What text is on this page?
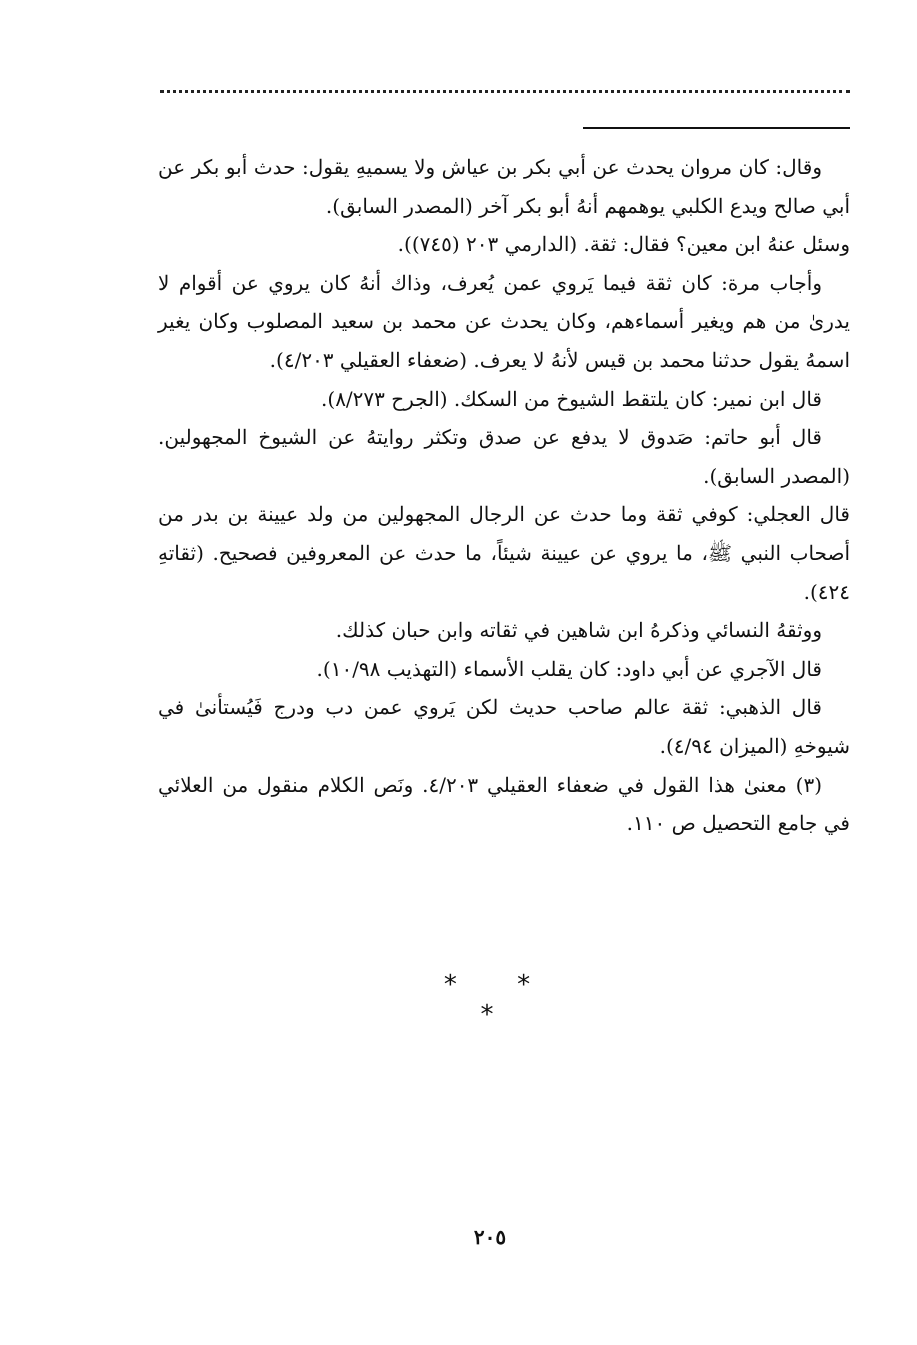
وقال: كان مروان يحدث عن أبي بكر بن عياش ولا يسميهِ يقول: حدث أبو بكر عن أبي صالح ويدع الكلبي يوهمهم أنهُ أبو بكر آخر (المصدر السابق).

وسئل عنهُ ابن معين؟ فقال: ثقة. (الدارمي ٢٠٣ (٧٤٥)).

وأجاب مرة: كان ثقة فيما يَروي عمن يُعرف، وذاك أنهُ كان يروي عن أقوام لا يدرىٰ من هم ويغير أسماءهم، وكان يحدث عن محمد بن سعيد المصلوب وكان يغير اسمهُ يقول حدثنا محمد بن قيس لأنهُ لا يعرف. (ضعفاء العقيلي ٤/٢٠٣).

قال ابن نمير: كان يلتقط الشيوخ من السكك. (الجرح ٨/٢٧٣).

قال أبو حاتم: صَدوق لا يدفع عن صدق وتكثر روايتهُ عن الشيوخ المجهولين. (المصدر السابق).

قال العجلي: كوفي ثقة وما حدث عن الرجال المجهولين من ولد عيينة بن بدر من أصحاب النبي ﷺ، ما يروي عن عيينة شيئاً، ما حدث عن المعروفين فصحيح. (ثقاتهِ ٤٢٤).

ووثقهُ النسائي وذكرهُ ابن شاهين في ثقاته وابن حبان كذلك.

قال الآجري عن أبي داود: كان يقلب الأسماء (التهذيب ١٠/٩٨).

قال الذهبي: ثقة عالم صاحب حديث لكن يَروي عمن دب ودرج فَيُستأنىٰ في شيوخهِ (الميزان ٤/٩٤).

(٣) معنىٰ هذا القول في ضعفاء العقيلي ٤/٢٠٣. ونَص الكلام منقول من العلائي في جامع التحصيل ص ١١٠.

* * *
٢٠٥
